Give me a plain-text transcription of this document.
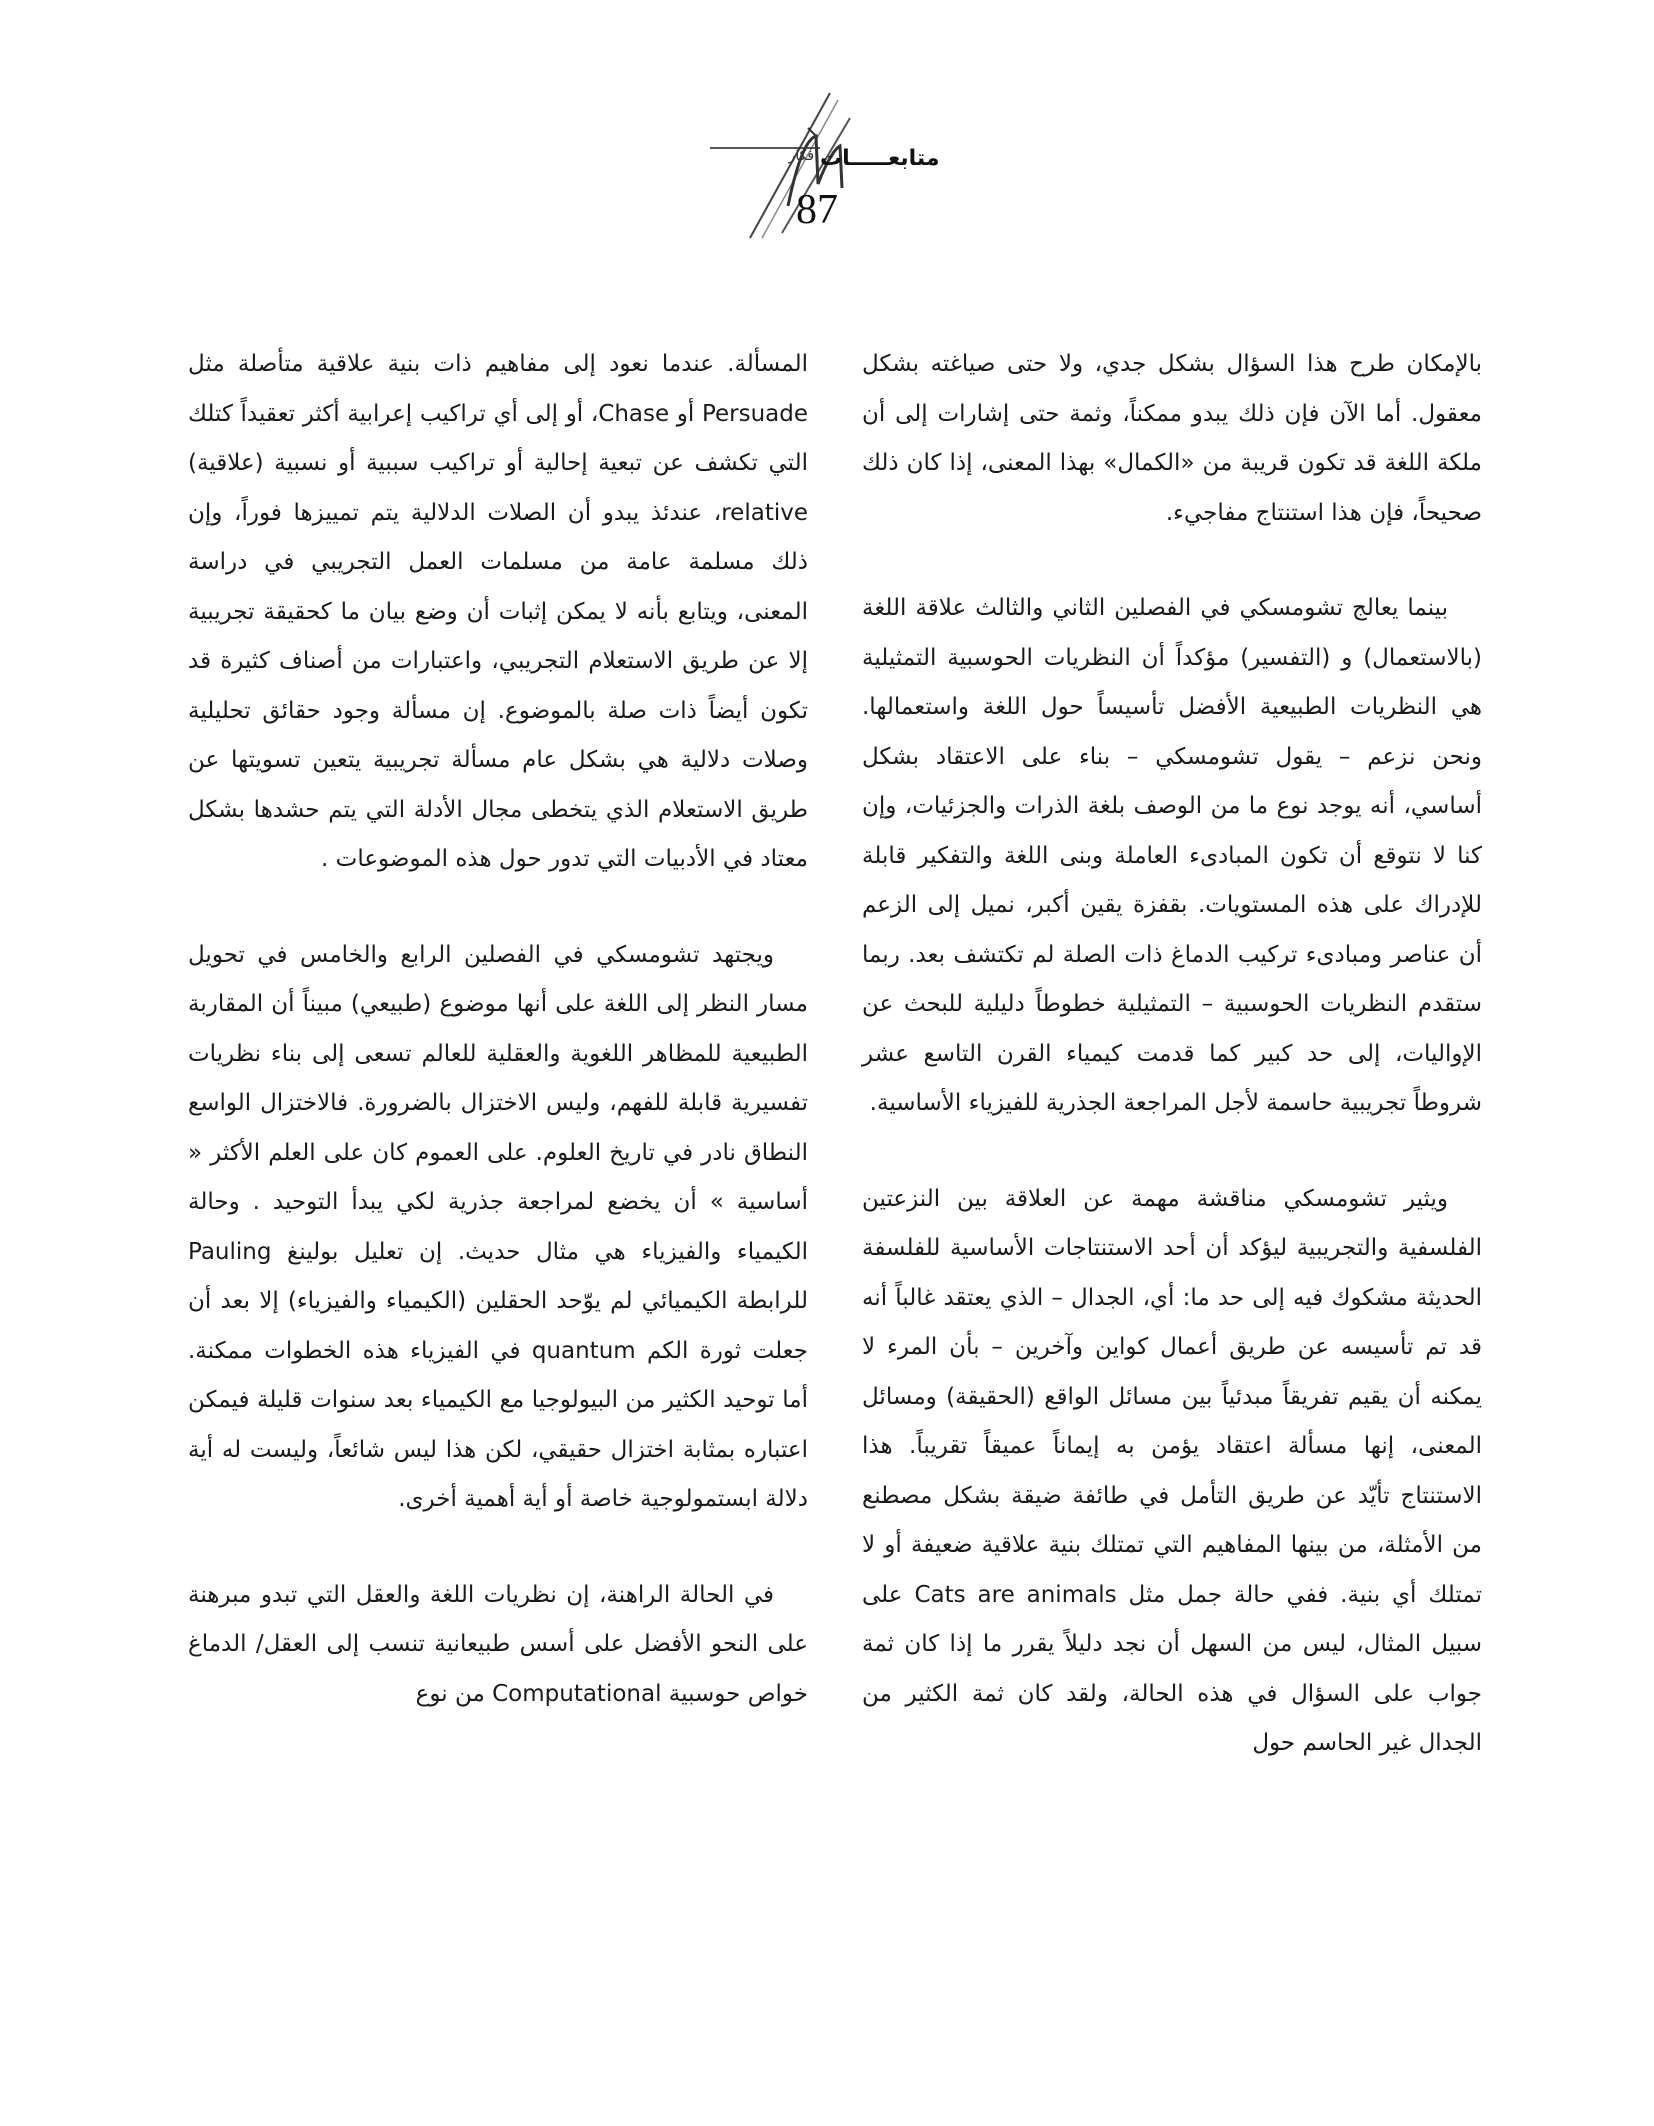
أفكار متابعـــــات
87

بالإمكان طرح هذا السؤال بشكل جدي، ولا حتى صياغته بشكل معقول. أما الآن فإن ذلك يبدو ممكناً، وثمة حتى إشارات إلى أن ملكة اللغة قد تكون قريبة من «الكمال» بهذا المعنى، إذا كان ذلك صحيحاً، فإن هذا استنتاج مفاجيء.

بينما يعالج تشومسكي في الفصلين الثاني والثالث علاقة اللغة (بالاستعمال) و (التفسير) مؤكداً أن النظريات الحوسبية التمثيلية هي النظريات الطبيعية الأفضل تأسيساً حول اللغة واستعمالها. ونحن نزعم – يقول تشومسكي – بناء على الاعتقاد بشكل أساسي، أنه يوجد نوع ما من الوصف بلغة الذرات والجزئيات، وإن كنا لا نتوقع أن تكون المبادىء العاملة وبنى اللغة والتفكير قابلة للإدراك على هذه المستويات. بقفزة يقين أكبر، نميل إلى الزعم أن عناصر ومبادىء تركيب الدماغ ذات الصلة لم تكتشف بعد. ربما ستقدم النظريات الحوسبية – التمثيلية خطوطاً دليلية للبحث عن الإواليات، إلى حد كبير كما قدمت كيمياء القرن التاسع عشر شروطاً تجريبية حاسمة لأجل المراجعة الجذرية للفيزياء الأساسية.

ويثير تشومسكي مناقشة مهمة عن العلاقة بين النزعتين الفلسفية والتجريبية ليؤكد أن أحد الاستنتاجات الأساسية للفلسفة الحديثة مشكوك فيه إلى حد ما: أي، الجدال – الذي يعتقد غالباً أنه قد تم تأسيسه عن طريق أعمال كواين وآخرين – بأن المرء لا يمكنه أن يقيم تفريقاً مبدئياً بين مسائل الواقع (الحقيقة) ومسائل المعنى، إنها مسألة اعتقاد يؤمن به إيماناً عميقاً تقريباً. هذا الاستنتاج تأيّد عن طريق التأمل في طائفة ضيقة بشكل مصطنع من الأمثلة، من بينها المفاهيم التي تمتلك بنية علاقية ضعيفة أو لا تمتلك أي بنية. ففي حالة جمل مثل Cats are animals على سبيل المثال، ليس من السهل أن نجد دليلاً يقرر ما إذا كان ثمة جواب على السؤال في هذه الحالة، ولقد كان ثمة الكثير من الجدال غير الحاسم حول

المسألة. عندما نعود إلى مفاهيم ذات بنية علاقية متأصلة مثل Persuade أو Chase، أو إلى أي تراكيب إعرابية أكثر تعقيداً كتلك التي تكشف عن تبعية إحالية أو تراكيب سببية أو نسبية (علاقية) relative، عندئذ يبدو أن الصلات الدلالية يتم تمييزها فوراً، وإن ذلك مسلمة عامة من مسلمات العمل التجريبي في دراسة المعنى، ويتابع بأنه لا يمكن إثبات أن وضع بيان ما كحقيقة تجريبية إلا عن طريق الاستعلام التجريبي، واعتبارات من أصناف كثيرة قد تكون أيضاً ذات صلة بالموضوع. إن مسألة وجود حقائق تحليلية وصلات دلالية هي بشكل عام مسألة تجريبية يتعين تسويتها عن طريق الاستعلام الذي يتخطى مجال الأدلة التي يتم حشدها بشكل معتاد في الأدبيات التي تدور حول هذه الموضوعات .

ويجتهد تشومسكي في الفصلين الرابع والخامس في تحويل مسار النظر إلى اللغة على أنها موضوع (طبيعي) مبيناً أن المقاربة الطبيعية للمظاهر اللغوية والعقلية للعالم تسعى إلى بناء نظريات تفسيرية قابلة للفهم، وليس الاختزال بالضرورة. فالاختزال الواسع النطاق نادر في تاريخ العلوم. على العموم كان على العلم الأكثر « أساسية » أن يخضع لمراجعة جذرية لكي يبدأ التوحيد . وحالة الكيمياء والفيزياء هي مثال حديث. إن تعليل بولينغ Pauling للرابطة الكيميائي لم يوّحد الحقلين (الكيمياء والفيزياء) إلا بعد أن جعلت ثورة الكم quantum في الفيزياء هذه الخطوات ممكنة. أما توحيد الكثير من البيولوجيا مع الكيمياء بعد سنوات قليلة فيمكن اعتباره بمثابة اختزال حقيقي، لكن هذا ليس شائعاً، وليست له أية دلالة ابستمولوجية خاصة أو أية أهمية أخرى.

في الحالة الراهنة، إن نظريات اللغة والعقل التي تبدو مبرهنة على النحو الأفضل على أسس طبيعانية تنسب إلى العقل/ الدماغ خواص حوسبية Computational من نوع
